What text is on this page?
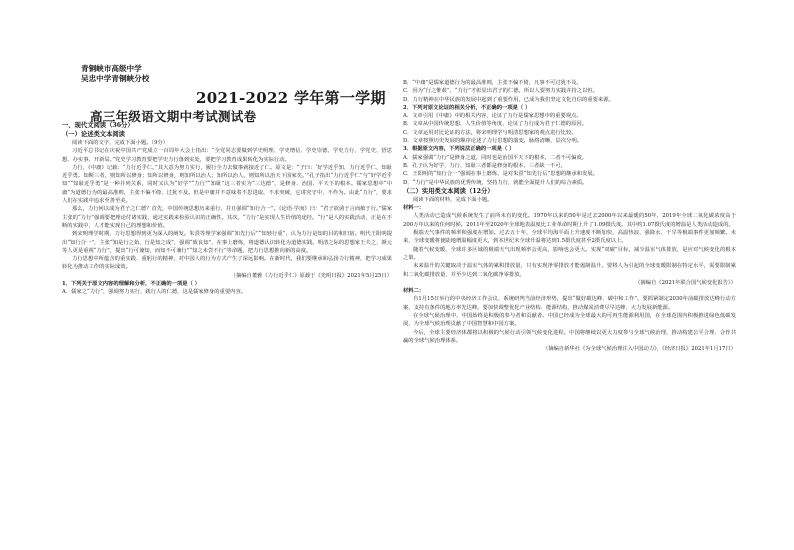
青铜峡市高级中学
吴忠中学青铜峡分校
2021-2022 学年第一学期
高三年级语文期中考试测试卷

一、现代文阅读（36分）

（一）论述类文本阅读

阅读下面的文字，完成下面小题。（9分）

习近平总书记在庆祝中国共产党成立一百周年大会上指出：“全党同志要做到学史明理、学史增信、学史崇德、学史力行，学党史、悟思想、办实事、开新局。”党史学习教育要把学史力行落到实处，要把学习教育成果转化为实际行动。

力行，《中庸》记载：“力行近乎仁。”其大意为努力实行，履行全力去做事就接近了仁。原文是：“子曰：‘好学近乎知，力行近乎仁，知耻近乎勇。知斯三者，则知所以修身；知所以修身，则知所以治人；知所以治人，则知所以治天下国家矣。’”孔子指出“力行近乎仁”与“好学近乎知”“知耻近乎勇”是一种并列关系，同时又认为“好学”“力行”“知耻”这三者实为“三达德”，是修身、治国、平天下的根本。儒家思想中“中庸”为道德行为的最高准则，主张不偏不倚、过犹不及。但是中庸并不意味着不思进取、不求突破，它讲究守中、不作为。由此“力行”，要求人们在实践中追求至善至美。

那么，力行何以成为君子之仁德？首先，中国传统思想历来重行，并且强调“知行合一”。《论语·学而》曰：“君子欲讷于言而敏于行。”儒家主张的“力行”强调要把理论付诸实践，通过实践来检验认识的正确性。其次，“力行”是实现人生价值的途径。“行”是人的实践活动，正是在不断的实践中，人才能实现自己的理想和价值。

到宋明理学时期，力行思想得到更为深入的阐发。朱熹等理学家强调“知先行后”“知轻行重”，认为力行是知的目的和归宿。明代王阳明提出“知行合一”，主张“知是行之始，行是知之成”，强调“致良知”，在事上磨炼，将道德认识转化为道德实践。明清之际的思想家王夫之、颜元等人更是重视“力行”，提出“行可兼知，而知不可兼行”“知之未尝不行”等命题，把力行思想推向新的高度。

力行思想中所蕴含的重实践、重躬行的精神，对中国人的行为方式产生了深远影响。在新时代，我们要继承和弘扬力行精神，把学习成果转化为推动工作的实际成效。

（摘编自董雅《力行近乎仁》原载于《光明日报》2021年5月25日）

1．下列关于原文内容的理解和分析，不正确的一项是（ ）

A．儒家之“力行”，强调努力实行，践行人的仁德，这是儒家修身的重要内容。

B．“中庸”是儒家道德行为的最高准则，主张不偏不倚，凡事不可过犹不及。

C．因为“行之惟艰”，“力行”才彰显出君子的仁德，所以人要努力实践并持之以恒。

D．力行精神在中华民族的发展中起到了重要作用，已成为我们坚定文化自信的重要来源。

2．下列对原文论证的相关分析，不正确的一项是（ ）

A．文章引用《中庸》中的相关内容，论证了力行是儒家思想中的重要观点。

B．文章从中国传统思想、人生价值等角度，论证了力行成为君子仁德的原因。

C．文章运用对比论证的方法，将宋明理学与明清思想家的观点进行比较。

D．文章按照历史发展的顺序论述了力行思想的演变，脉络清晰，层次分明。

3．根据原文内容，下列说法正确的一项是（ ）

A．儒家强调“力行”是修身之道，同时也是治国平天下的根本，二者不可偏废。

B．孔子认为好学、力行、知耻三者都是修身的根本，三者缺一不可。

C．王阳明的“知行合一”强调在事上磨炼，是对朱熹“知先行后”思想的继承和发展。

D．“力行”是中华民族的优秀传统，坚持力行，就能全面提升人们的综合素质。

（二）实用类文本阅读（12分）

阅读下面的材料，完成下面小题。

材料一：

人类活动已造成气候系统发生了前所未有的变化。1970年以来的50年是过去2000年以来最暖的50年，2019年全球二氧化碳浓度高于200万年以来的任何时候。2011年至2020年全球地表温度比工业革命时期上升了1.09摄氏度。其中约1.07摄氏度的增温是人类活动造成的。

极端天气事件的频率和强度在增加。过去五十年，全球平均海平面上升速度不断加快，高温热浪、强降水、干旱等极端事件更加频繁。未来，全球变暖将使陆地增温幅度更大，到本世纪末全球升温将达到1.5摄氏度甚至2摄氏度以上。

随着气候变暖，全球许多区域的极端天气出现频率会更高，影响也会更大。实现“双碳”目标，减少温室气体排放，是应对气候变化的根本之策。

未来温升的关键取决于温室气体的累积排放量，只有实现净零排放才能遏制温升。要将人为引起的全球变暖限制在特定水平，需要限制累积二氧化碳排放量，并至少达到二氧化碳净零排放。

（摘编自《2021年联合国气候变化报告》）

材料二：

自1月15日举行的中央经济工作会议，系统研判当前经济形势，提出“做好碳达峰、碳中和工作”。要抓紧制定2030年前碳排放达峰行动方案，支持有条件的地方率先达峰。要加快调整优化产业结构、能源结构，推动煤炭消费尽早达峰，大力发展新能源。

在全球气候治理中，中国始终是积极的参与者和贡献者。中国已经成为全球最大的可再生能源利用国，在全球范围内积极推进绿色低碳发展，为全球气候治理贡献了中国智慧和中国方案。

今后，全球主要经济体都将以积极的气候行动引领气候变化进程。中国将继续以更大力度参与全球气候治理，推动构建公平合理、合作共赢的全球气候治理体系。

（摘编自新华社《为全球气候治理注入中国动力》，《经济日报》2021年1月17日）
